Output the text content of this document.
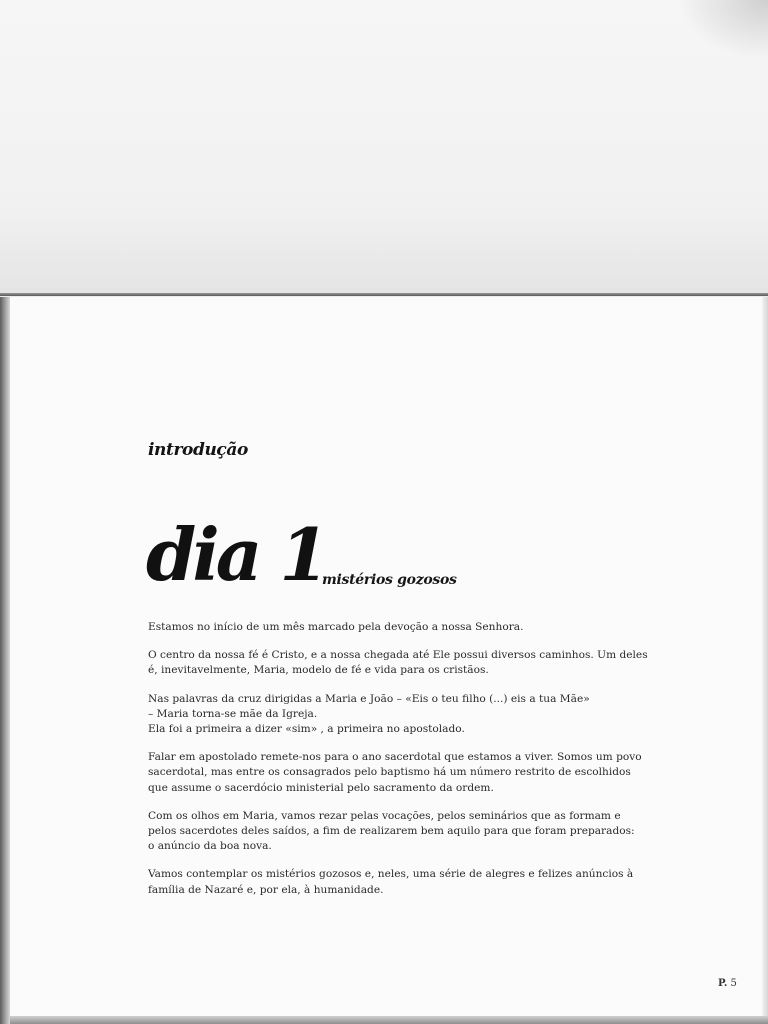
introdução
dia 1
mistérios gozosos

Estamos no início de um mês marcado pela devoção a nossa Senhora.

O centro da nossa fé é Cristo, e a nossa chegada até Ele possui diversos caminhos. Um deles
é, inevitavelmente, Maria, modelo de fé e vida para os cristãos.

Nas palavras da cruz dirigidas a Maria e João – «Eis o teu filho (...) eis a tua Mãe»
– Maria torna-se mãe da Igreja.
Ela foi a primeira a dizer «sim» , a primeira no apostolado.

Falar em apostolado remete-nos para o ano sacerdotal que estamos a viver. Somos um povo
sacerdotal, mas entre os consagrados pelo baptismo há um número restrito de escolhidos
que assume o sacerdócio ministerial pelo sacramento da ordem.

Com os olhos em Maria, vamos rezar pelas vocações, pelos seminários que as formam e
pelos sacerdotes deles saídos, a fim de realizarem bem aquilo para que foram preparados:
o anúncio da boa nova.

Vamos contemplar os mistérios gozosos e, neles, uma série de alegres e felizes anúncios à
família de Nazaré e, por ela, à humanidade.

P. 5
